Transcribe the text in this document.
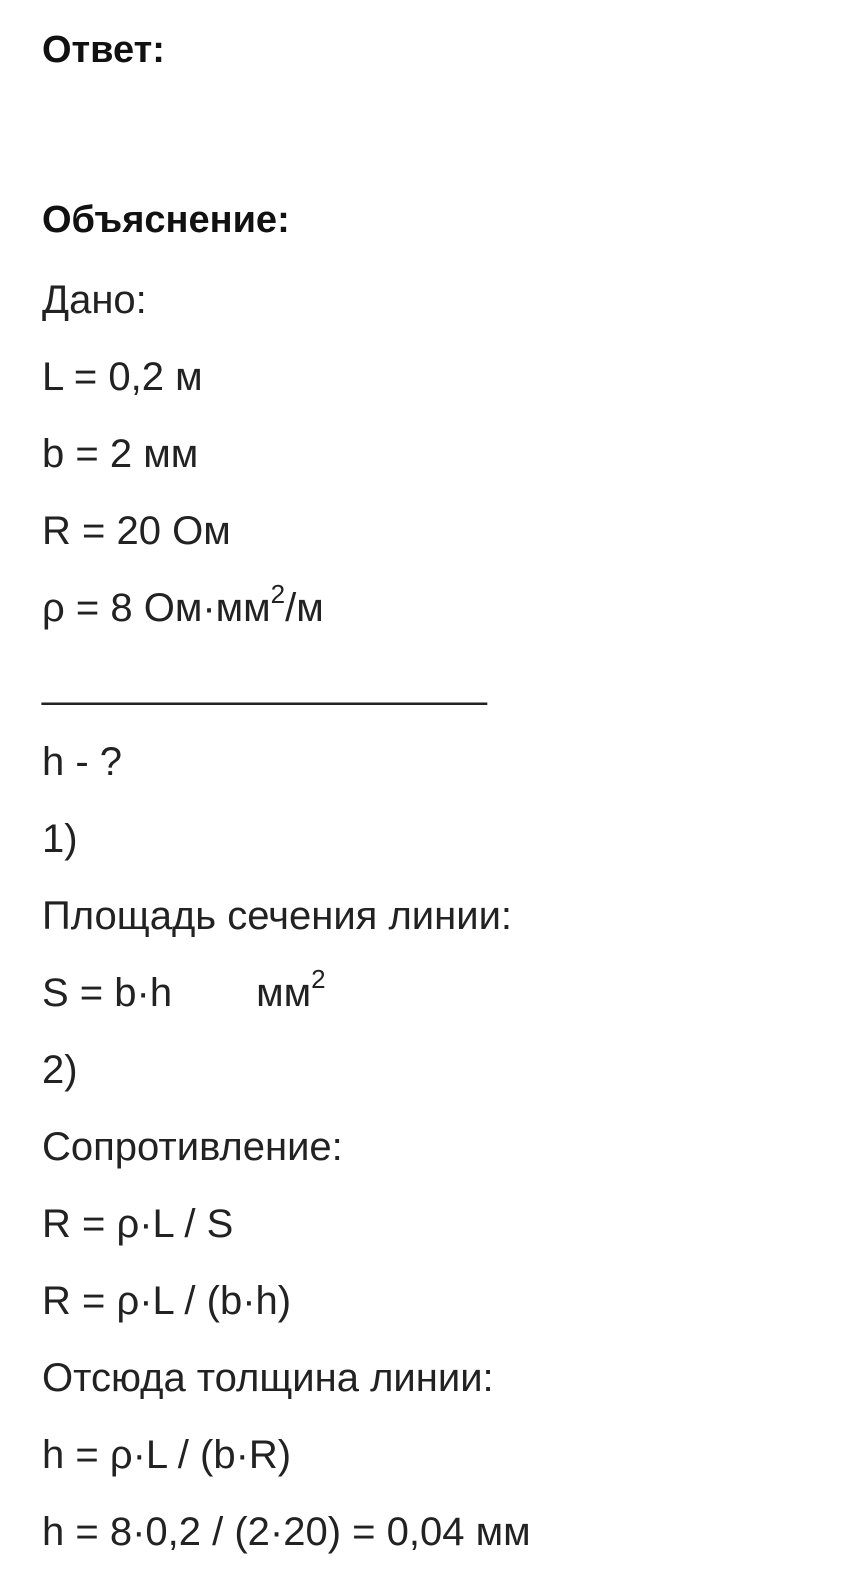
Ответ:
Объяснение:
Дано:
L = 0,2 м
b = 2 мм
R = 20 Ом
ρ = 8 $Ом\cdot мм^2/м$
____________________
h - ?
1)
Площадь сечения линии:
S = b·h $мм^2$
2)
Сопротивление:
R = ρ·L / S
R = ρ·L / (b·h)
Отсюда толщина линии:
h = ρ·L / (b·R)
h = 8·0,2 / (2·20) = 0,04 мм
